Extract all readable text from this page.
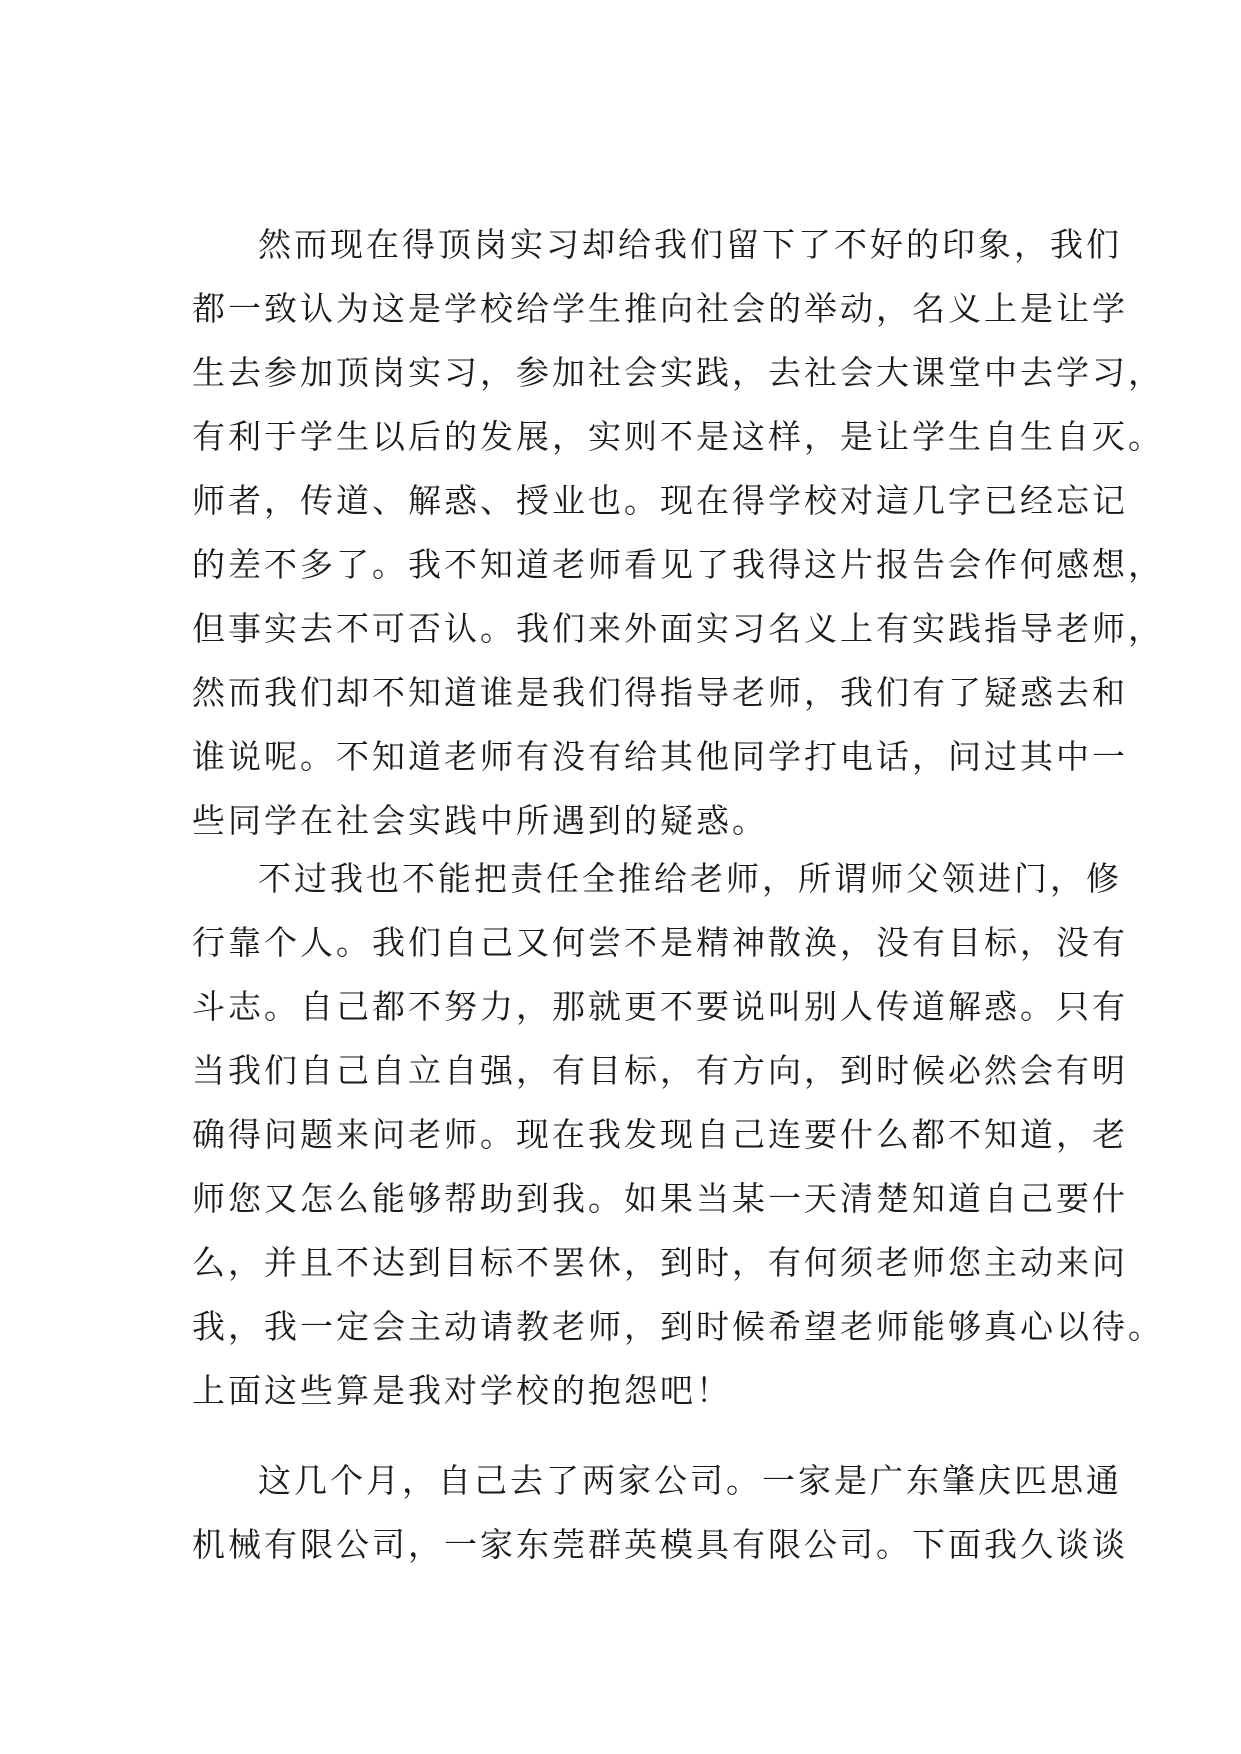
然而现在得顶岗实习却给我们留下了不好的印象，我们
都一致认为这是学校给学生推向社会的举动，名义上是让学
生去参加顶岗实习，参加社会实践，去社会大课堂中去学习，
有利于学生以后的发展，实则不是这样，是让学生自生自灭。
师者，传道、解惑、授业也。现在得学校对這几字已经忘记
的差不多了。我不知道老师看见了我得这片报告会作何感想，
但事实去不可否认。我们来外面实习名义上有实践指导老师，
然而我们却不知道谁是我们得指导老师，我们有了疑惑去和
谁说呢。不知道老师有没有给其他同学打电话，问过其中一
些同学在社会实践中所遇到的疑惑。
不过我也不能把责任全推给老师，所谓师父领进门，修
行靠个人。我们自己又何尝不是精神散涣，没有目标，没有
斗志。自己都不努力，那就更不要说叫别人传道解惑。只有
当我们自己自立自强，有目标，有方向，到时候必然会有明
确得问题来问老师。现在我发现自己连要什么都不知道，老
师您又怎么能够帮助到我。如果当某一天清楚知道自己要什
么，并且不达到目标不罢休，到时，有何须老师您主动来问
我，我一定会主动请教老师，到时候希望老师能够真心以待。
上面这些算是我对学校的抱怨吧！
这几个月，自己去了两家公司。一家是广东肇庆匹思通
机械有限公司，一家东莞群英模具有限公司。下面我久谈谈
